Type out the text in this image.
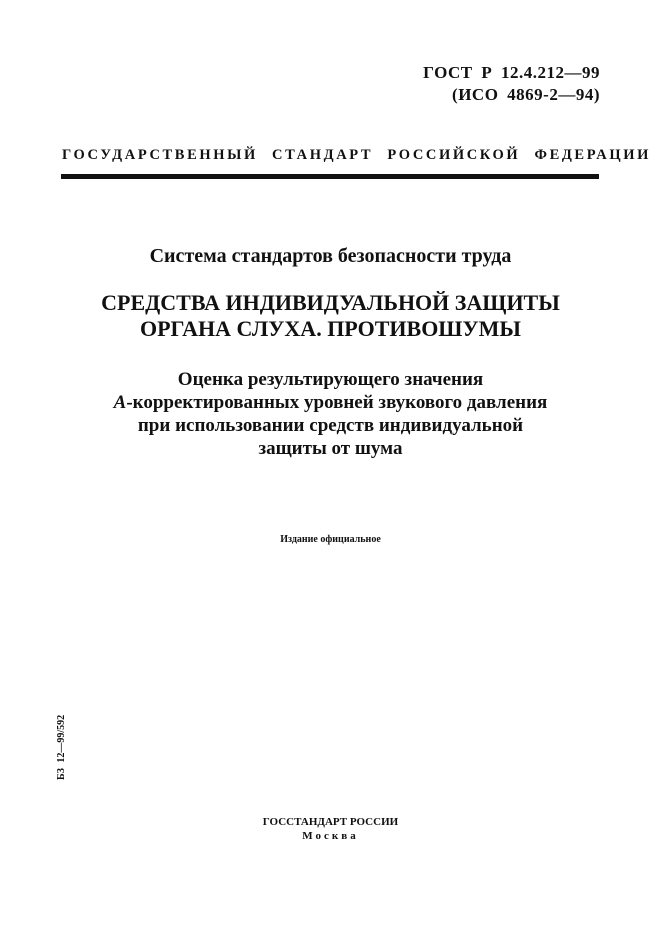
ГОСТ Р 12.4.212—99
(ИСО 4869-2—94)
ГОСУДАРСТВЕННЫЙ СТАНДАРТ РОССИЙСКОЙ ФЕДЕРАЦИИ
Система стандартов безопасности труда
СРЕДСТВА ИНДИВИДУАЛЬНОЙ ЗАЩИТЫ
ОРГАНА СЛУХА. ПРОТИВОШУМЫ
Оценка результирующего значения
А-корректированных уровней звукового давления
при использовании средств индивидуальной
защиты от шума
Издание официальное
БЗ 12—99/592
ГОССТАНДАРТ РОССИИ
Москва
